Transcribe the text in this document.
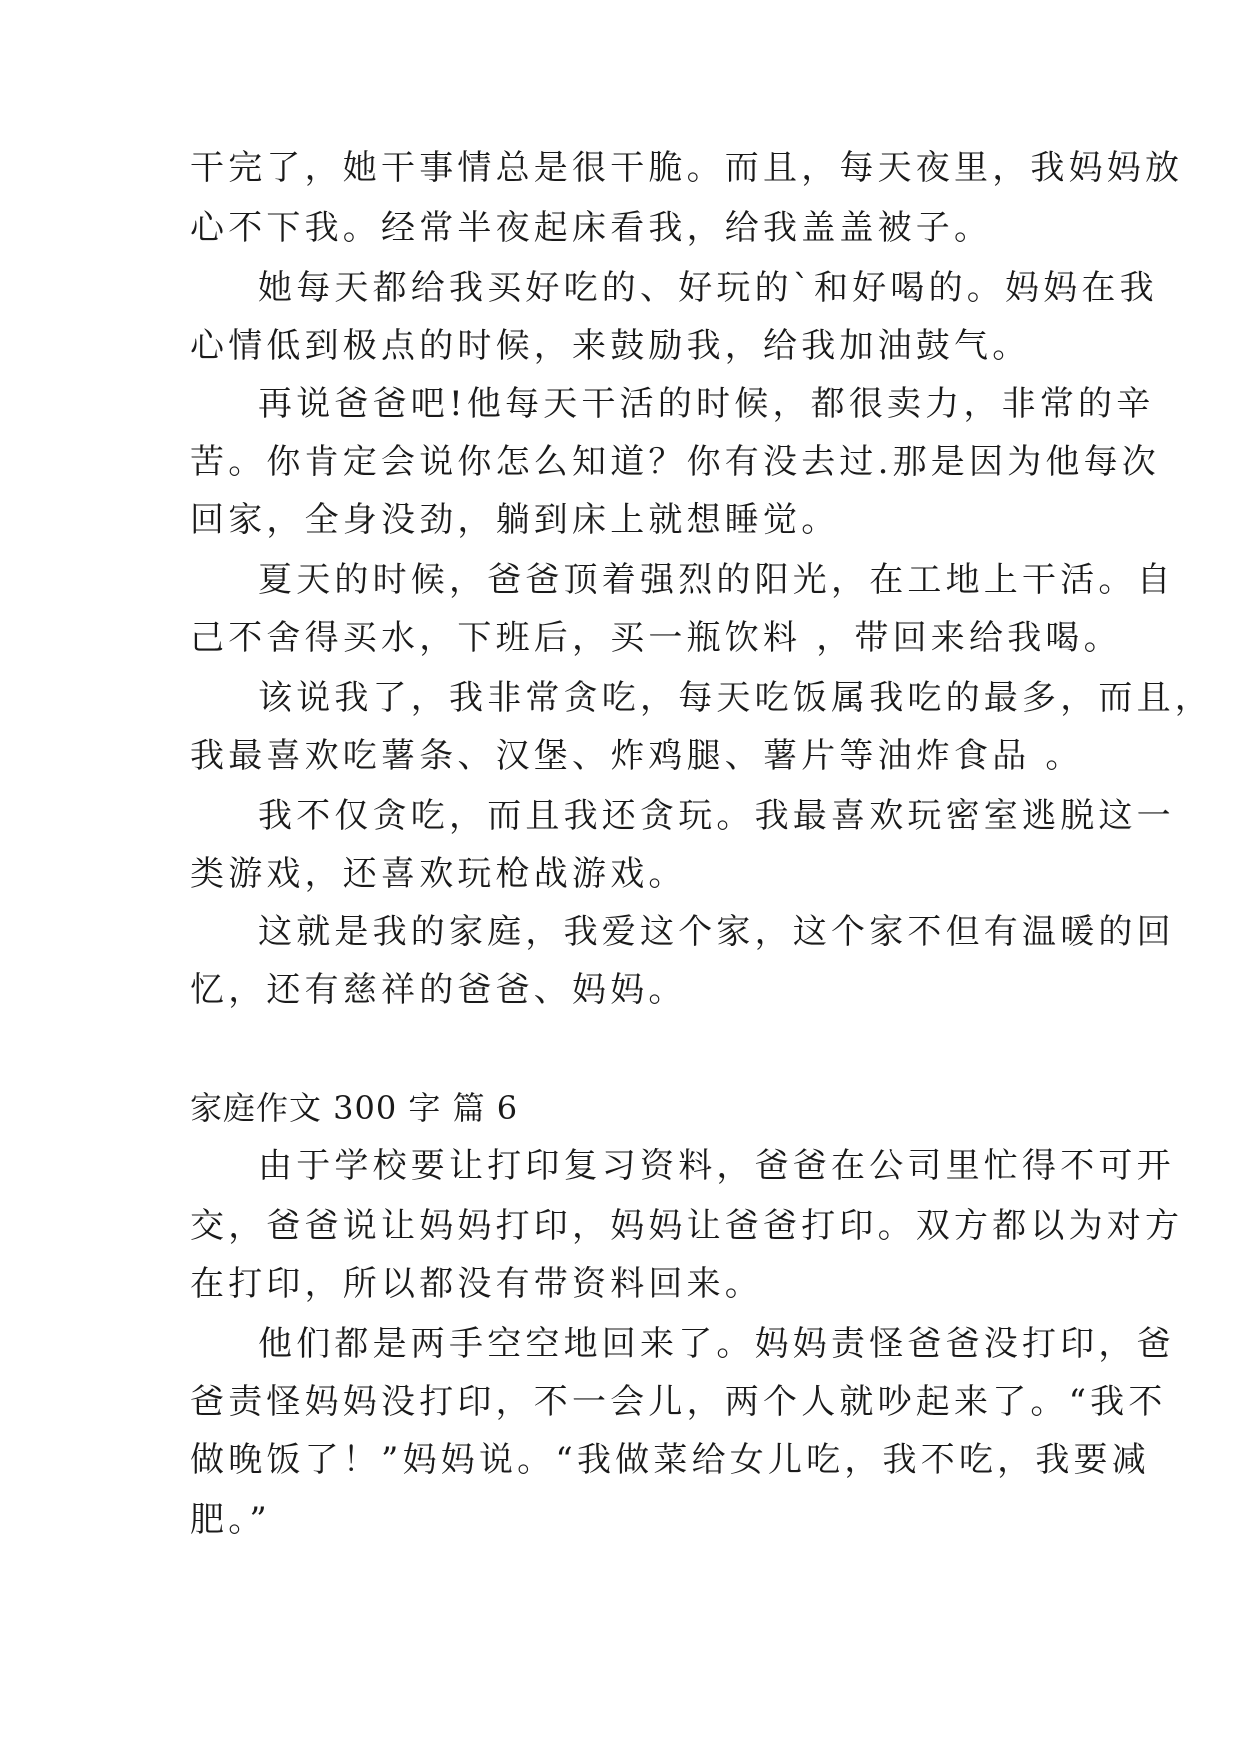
干完了，她干事情总是很干脆。而且，每天夜里，我妈妈放
心不下我。经常半夜起床看我，给我盖盖被子。
她每天都给我买好吃的、好玩的`和好喝的。妈妈在我
心情低到极点的时候，来鼓励我，给我加油鼓气。
再说爸爸吧!他每天干活的时候，都很卖力，非常的辛
苦。你肯定会说你怎么知道？你有没去过.那是因为他每次
回家，全身没劲，躺到床上就想睡觉。
夏天的时候，爸爸顶着强烈的阳光，在工地上干活。自
己不舍得买水，下班后，买一瓶饮料 ，带回来给我喝。
该说我了，我非常贪吃，每天吃饭属我吃的最多，而且，
我最喜欢吃薯条、汉堡、炸鸡腿、薯片等油炸食品 。
我不仅贪吃，而且我还贪玩。我最喜欢玩密室逃脱这一
类游戏，还喜欢玩枪战游戏。
这就是我的家庭，我爱这个家，这个家不但有温暖的回
忆，还有慈祥的爸爸、妈妈。
家庭作文 300 字 篇 6
由于学校要让打印复习资料，爸爸在公司里忙得不可开
交，爸爸说让妈妈打印，妈妈让爸爸打印。双方都以为对方
在打印，所以都没有带资料回来。
他们都是两手空空地回来了。妈妈责怪爸爸没打印，爸
爸责怪妈妈没打印，不一会儿，两个人就吵起来了。“我不
做晚饭了！”妈妈说。“我做菜给女儿吃，我不吃，我要减
肥。”
